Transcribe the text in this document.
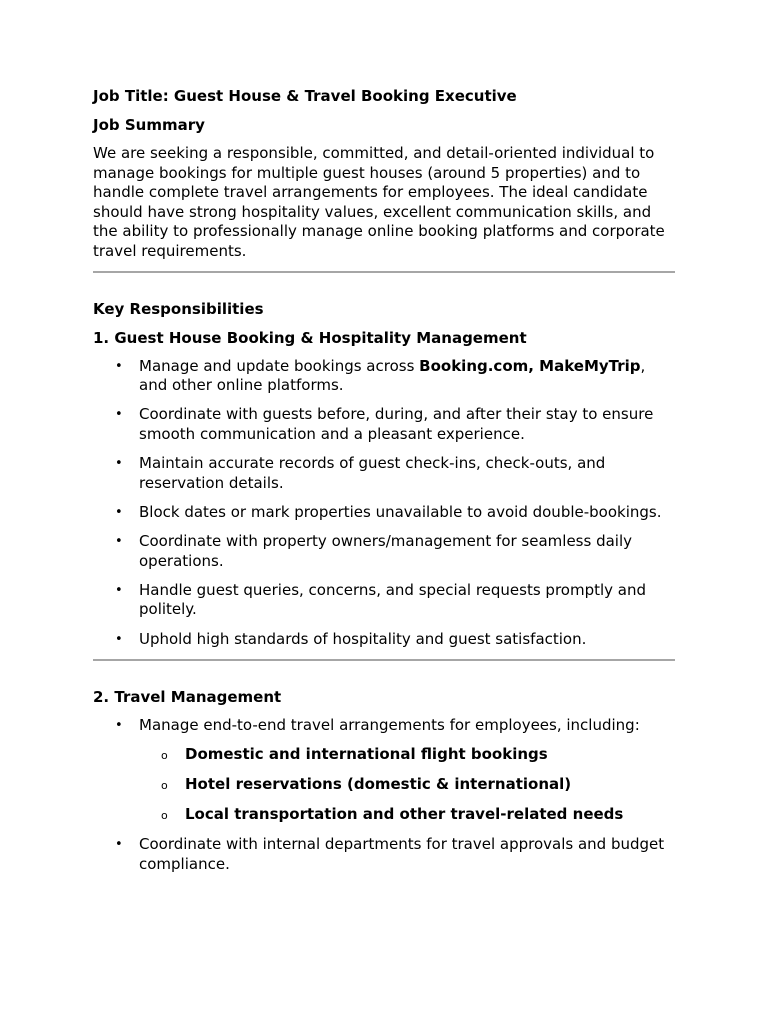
Job Title: Guest House & Travel Booking Executive

Job Summary

We are seeking a responsible, committed, and detail-oriented individual to manage bookings for multiple guest houses (around 5 properties) and to handle complete travel arrangements for employees. The ideal candidate should have strong hospitality values, excellent communication skills, and the ability to professionally manage online booking platforms and corporate travel requirements.

Key Responsibilities

1. Guest House Booking & Hospitality Management

• Manage and update bookings across Booking.com, MakeMyTrip, and other online platforms.
• Coordinate with guests before, during, and after their stay to ensure smooth communication and a pleasant experience.
• Maintain accurate records of guest check-ins, check-outs, and reservation details.
• Block dates or mark properties unavailable to avoid double-bookings.
• Coordinate with property owners/management for seamless daily operations.
• Handle guest queries, concerns, and special requests promptly and politely.
• Uphold high standards of hospitality and guest satisfaction.

2. Travel Management

• Manage end-to-end travel arrangements for employees, including:
o Domestic and international flight bookings
o Hotel reservations (domestic & international)
o Local transportation and other travel-related needs
• Coordinate with internal departments for travel approvals and budget compliance.
